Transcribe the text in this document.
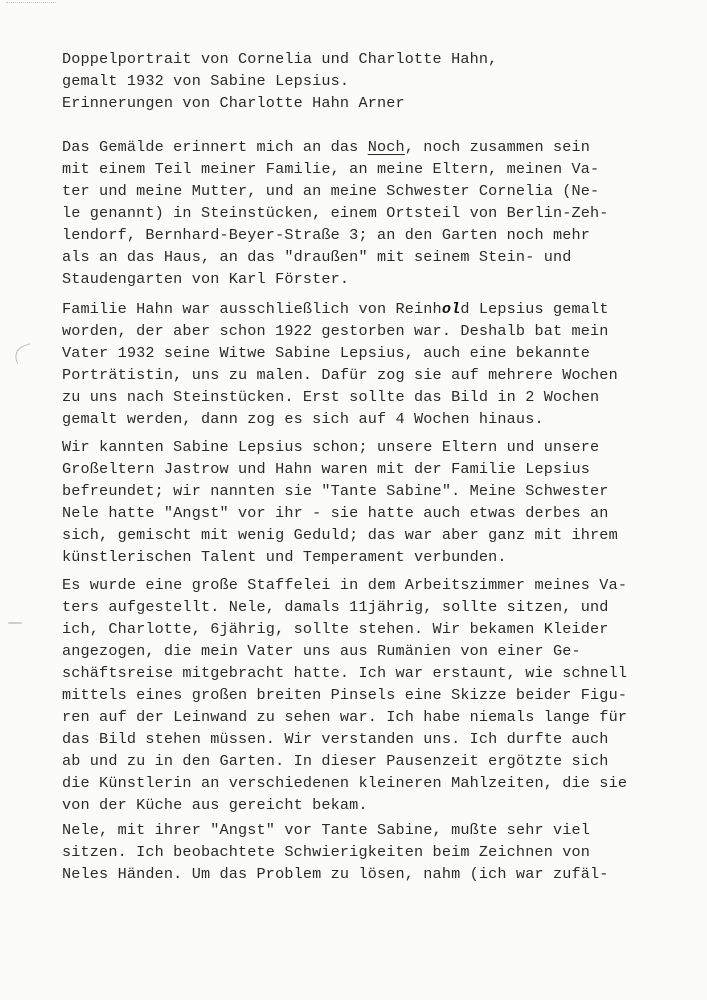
Doppelportrait von Cornelia und Charlotte Hahn,
gemalt 1932 von Sabine Lepsius.
Erinnerungen von Charlotte Hahn Arner
Das Gemälde erinnert mich an das Noch, noch zusammen sein
mit einem Teil meiner Familie, an meine Eltern, meinen Va-
ter und meine Mutter, und an meine Schwester Cornelia (Ne-
le genannt) in Steinstücken, einem Ortsteil von Berlin-Zeh-
lendorf, Bernhard-Beyer-Straße 3; an den Garten noch mehr
als an das Haus, an das "draußen" mit seinem Stein- und
Staudengarten von Karl Förster.
Familie Hahn war ausschließlich von Reinhold Lepsius gemalt
worden, der aber schon 1922 gestorben war. Deshalb bat mein
Vater 1932 seine Witwe Sabine Lepsius, auch eine bekannte
Porträtistin, uns zu malen. Dafür zog sie auf mehrere Wochen
zu uns nach Steinstücken. Erst sollte das Bild in 2 Wochen
gemalt werden, dann zog es sich auf 4 Wochen hinaus.
Wir kannten Sabine Lepsius schon; unsere Eltern und unsere
Großeltern Jastrow und Hahn waren mit der Familie Lepsius
befreundet; wir nannten sie "Tante Sabine". Meine Schwester
Nele hatte "Angst" vor ihr - sie hatte auch etwas derbes an
sich, gemischt mit wenig Geduld; das war aber ganz mit ihrem
künstlerischen Talent und Temperament verbunden.
Es wurde eine große Staffelei in dem Arbeitszimmer meines Va-
ters aufgestellt. Nele, damals 11jährig, sollte sitzen, und
ich, Charlotte, 6jährig, sollte stehen. Wir bekamen Kleider
angezogen, die mein Vater uns aus Rumänien von einer Ge-
schäftsreise mitgebracht hatte. Ich war erstaunt, wie schnell
mittels eines großen breiten Pinsels eine Skizze beider Figu-
ren auf der Leinwand zu sehen war. Ich habe niemals lange für
das Bild stehen müssen. Wir verstanden uns. Ich durfte auch
ab und zu in den Garten. In dieser Pausenzeit ergötzte sich
die Künstlerin an verschiedenen kleineren Mahlzeiten, die sie
von der Küche aus gereicht bekam.
Nele, mit ihrer "Angst" vor Tante Sabine, mußte sehr viel
sitzen. Ich beobachtete Schwierigkeiten beim Zeichnen von
Neles Händen. Um das Problem zu lösen, nahm (ich war zufäl-
